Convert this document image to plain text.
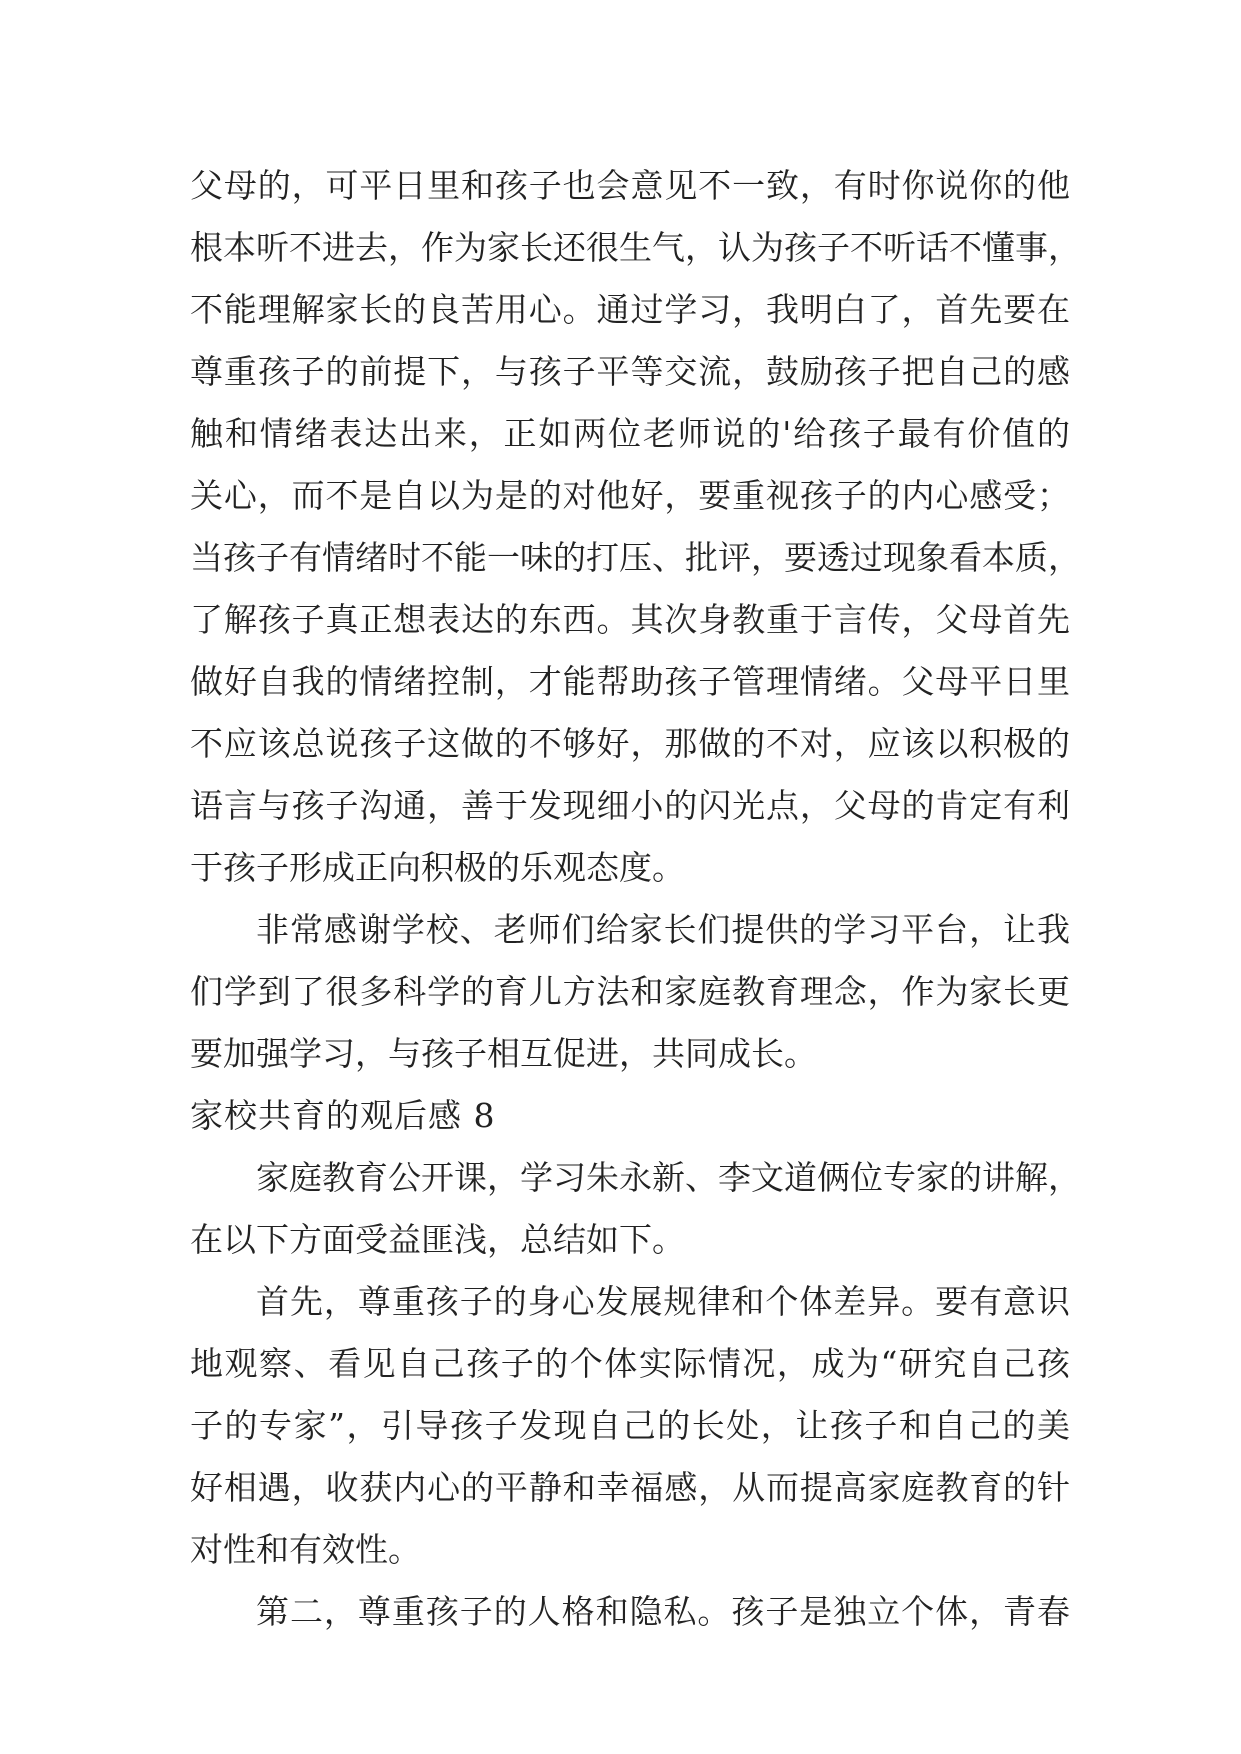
父母的，可平日里和孩子也会意见不一致，有时你说你的他
根本听不进去，作为家长还很生气，认为孩子不听话不懂事，
不能理解家长的良苦用心。通过学习，我明白了，首先要在
尊重孩子的前提下，与孩子平等交流，鼓励孩子把自己的感
触和情绪表达出来，正如两位老师说的'给孩子最有价值的
关心，而不是自以为是的对他好，要重视孩子的内心感受；
当孩子有情绪时不能一味的打压、批评，要透过现象看本质，
了解孩子真正想表达的东西。其次身教重于言传，父母首先
做好自我的情绪控制，才能帮助孩子管理情绪。父母平日里
不应该总说孩子这做的不够好，那做的不对，应该以积极的
语言与孩子沟通，善于发现细小的闪光点，父母的肯定有利
于孩子形成正向积极的乐观态度。
非常感谢学校、老师们给家长们提供的学习平台，让我
们学到了很多科学的育儿方法和家庭教育理念，作为家长更
要加强学习，与孩子相互促进，共同成长。
家校共育的观后感 8
家庭教育公开课，学习朱永新、李文道俩位专家的讲解，
在以下方面受益匪浅，总结如下。
首先，尊重孩子的身心发展规律和个体差异。要有意识
地观察、看见自己孩子的个体实际情况，成为“研究自己孩
子的专家”，引导孩子发现自己的长处，让孩子和自己的美
好相遇，收获内心的平静和幸福感，从而提高家庭教育的针
对性和有效性。
第二，尊重孩子的人格和隐私。孩子是独立个体，青春
